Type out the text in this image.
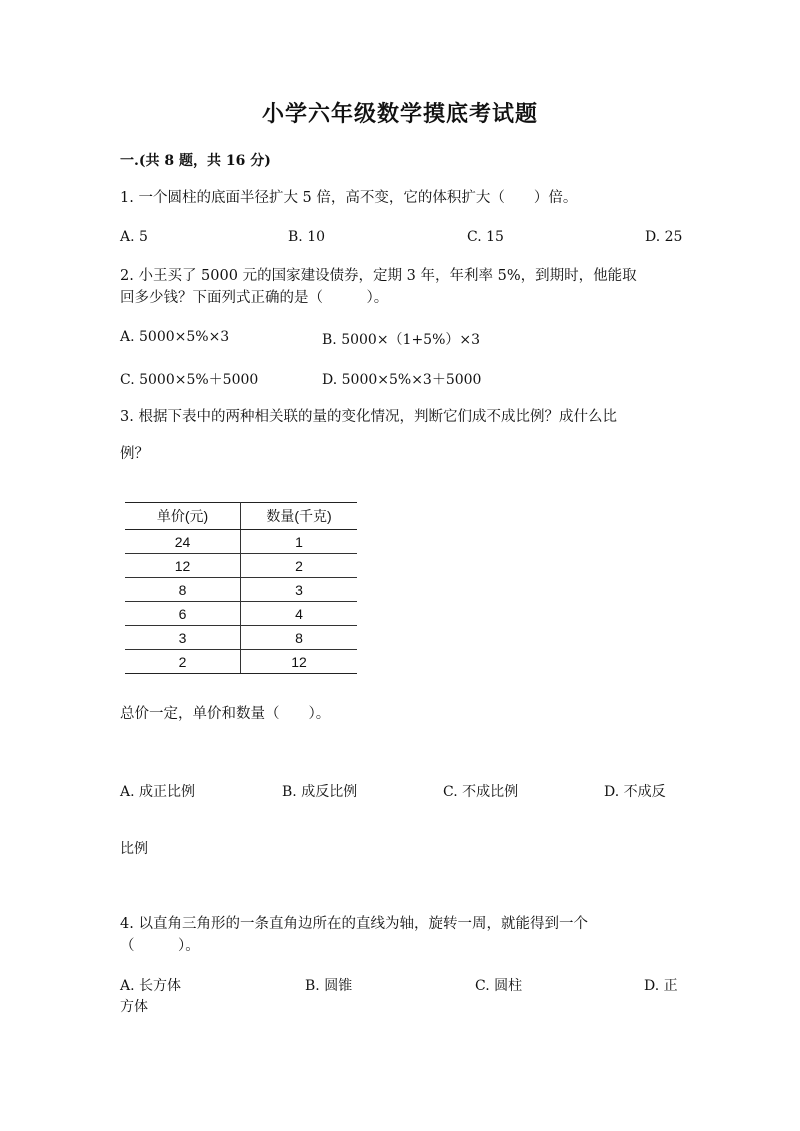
小学六年级数学摸底考试题
一.(共 8 题，共 16 分)
1. 一个圆柱的底面半径扩大 5 倍，高不变，它的体积扩大（　　）倍。
A. 5	B. 10	C. 15	D. 25
2. 小王买了 5000 元的国家建设债券，定期 3 年，年利率 5%，到期时，他能取
回多少钱？下面列式正确的是（　　　）。
A. 5000×5%×3	B. 5000×（1+5%）×3
C. 5000×5%＋5000	D. 5000×5%×3＋5000
3. 根据下表中的两种相关联的量的变化情况，判断它们成不成比例？成什么比
例？
单价(元)	数量(千克)
24	1
12	2
8	3
6	4
3	8
2	12
总价一定，单价和数量（　　）。
A. 成正比例	B. 成反比例	C. 不成比例	D. 不成反
比例
4. 以直角三角形的一条直角边所在的直线为轴，旋转一周，就能得到一个
（　　　）。
A. 长方体	B. 圆锥	C. 圆柱	D. 正
方体
